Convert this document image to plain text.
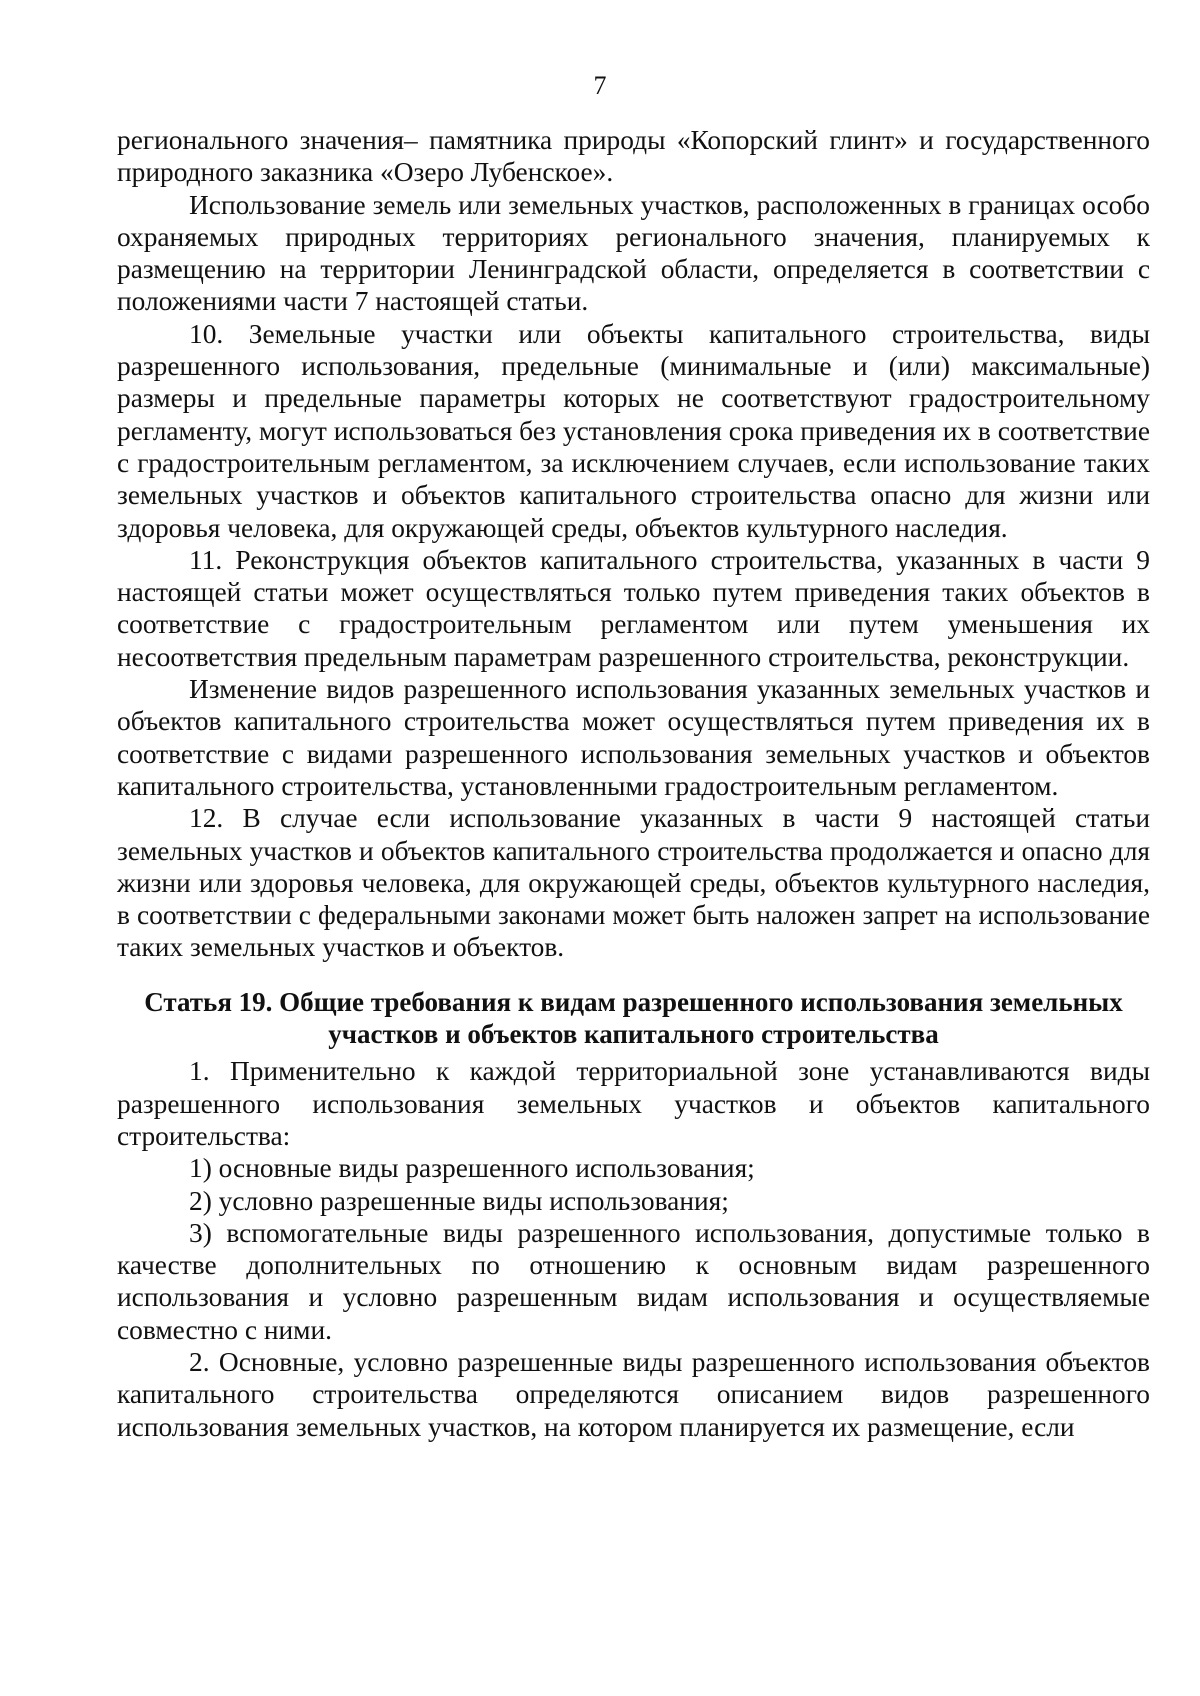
7

регионального значения– памятника природы «Копорский глинт» и государственного природного заказника «Озеро Лубенское».

Использование земель или земельных участков, расположенных в границах особо охраняемых природных территориях регионального значения, планируемых к размещению на территории Ленинградской области, определяется в соответствии с положениями части 7 настоящей статьи.

10. Земельные участки или объекты капитального строительства, виды разрешенного использования, предельные (минимальные и (или) максимальные) размеры и предельные параметры которых не соответствуют градостроительному регламенту, могут использоваться без установления срока приведения их в соответствие с градостроительным регламентом, за исключением случаев, если использование таких земельных участков и объектов капитального строительства опасно для жизни или здоровья человека, для окружающей среды, объектов культурного наследия.

11. Реконструкция объектов капитального строительства, указанных в части 9 настоящей статьи может осуществляться только путем приведения таких объектов в соответствие с градостроительным регламентом или путем уменьшения их несоответствия предельным параметрам разрешенного строительства, реконструкции.

Изменение видов разрешенного использования указанных земельных участков и объектов капитального строительства может осуществляться путем приведения их в соответствие с видами разрешенного использования земельных участков и объектов капитального строительства, установленными градостроительным регламентом.

12. В случае если использование указанных в части 9 настоящей статьи земельных участков и объектов капитального строительства продолжается и опасно для жизни или здоровья человека, для окружающей среды, объектов культурного наследия, в соответствии с федеральными законами может быть наложен запрет на использование таких земельных участков и объектов.

Статья 19. Общие требования к видам разрешенного использования земельных участков и объектов капитального строительства

1. Применительно к каждой территориальной зоне устанавливаются виды разрешенного использования земельных участков и объектов капитального строительства:

1) основные виды разрешенного использования;

2) условно разрешенные виды использования;

3) вспомогательные виды разрешенного использования, допустимые только в качестве дополнительных по отношению к основным видам разрешенного использования и условно разрешенным видам использования и осуществляемые совместно с ними.

2. Основные, условно разрешенные виды разрешенного использования объектов капитального строительства определяются описанием видов разрешенного использования земельных участков, на котором планируется их размещение, если
